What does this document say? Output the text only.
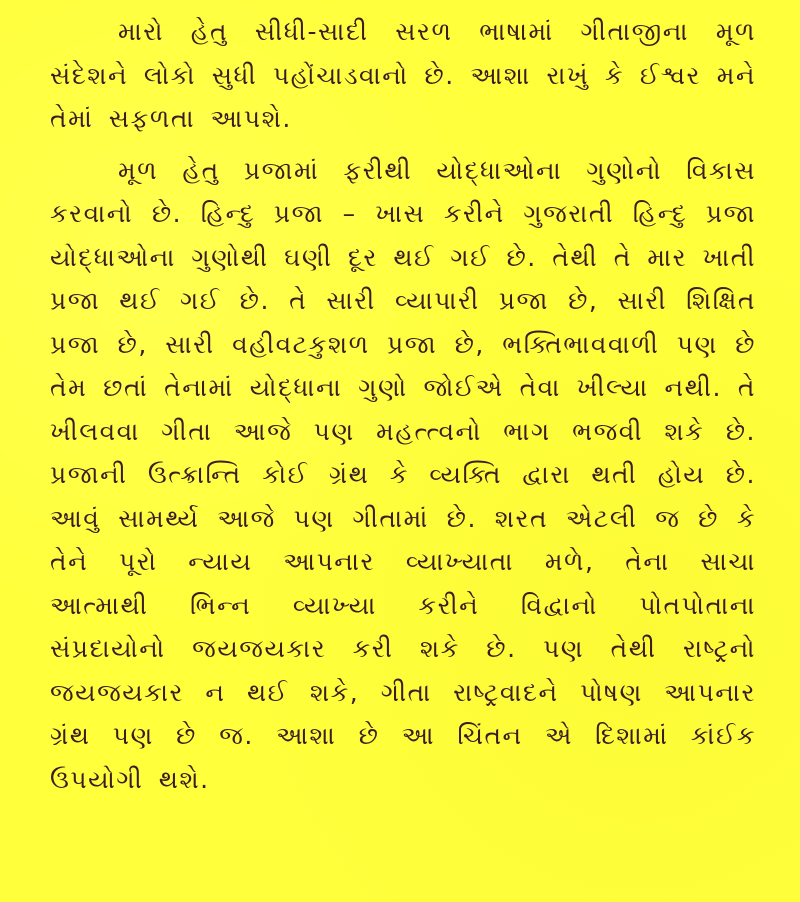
મારો હેતુ સીધી-સાદી સરળ ભાષામાં ગીતાજીના મૂળ સંદેશને લોકો સુધી પહોંચાડવાનો છે. આશા રાખું કે ઈશ્વર મને તેમાં સફળતા આપશે.

મૂળ હેતુ પ્રજામાં ફરીથી યોદ્ધાઓના ગુણોનો વિકાસ કરવાનો છે. હિન્દુ પ્રજા – ખાસ કરીને ગુજરાતી હિન્દુ પ્રજા યોદ્ધાઓના ગુણોથી ઘણી દૂર થઈ ગઈ છે. તેથી તે માર ખાતી પ્રજા થઈ ગઈ છે. તે સારી વ્યાપારી પ્રજા છે, સારી શિક્ષિત પ્રજા છે, સારી વહીવટકુશળ પ્રજા છે, ભક્તિભાવવાળી પણ છે તેમ છતાં તેનામાં યોદ્ધાના ગુણો જોઈએ તેવા ખીલ્યા નથી. તે ખીલવવા ગીતા આજે પણ મહત્ત્વનો ભાગ ભજવી શકે છે. પ્રજાની ઉત્ક્રાન્તિ કોઈ ગ્રંથ કે વ્યક્તિ દ્વારા થતી હોય છે. આવું સામર્થ્ય આજે પણ ગીતામાં છે. શરત એટલી જ છે કે તેને પૂરો ન્યાય આપનાર વ્યાખ્યાતા મળે, તેના સાચા આત્માથી ભિન્ન વ્યાખ્યા કરીને વિદ્વાનો પોતપોતાના સંપ્રદાયોનો જયજયકાર કરી શકે છે. પણ તેથી રાષ્ટ્રનો જયજયકાર ન થઈ શકે, ગીતા રાષ્ટ્રવાદને પોષણ આપનાર ગ્રંથ પણ છે જ. આશા છે આ ચિંતન એ દિશામાં કાંઈક ઉપયોગી થશે.
